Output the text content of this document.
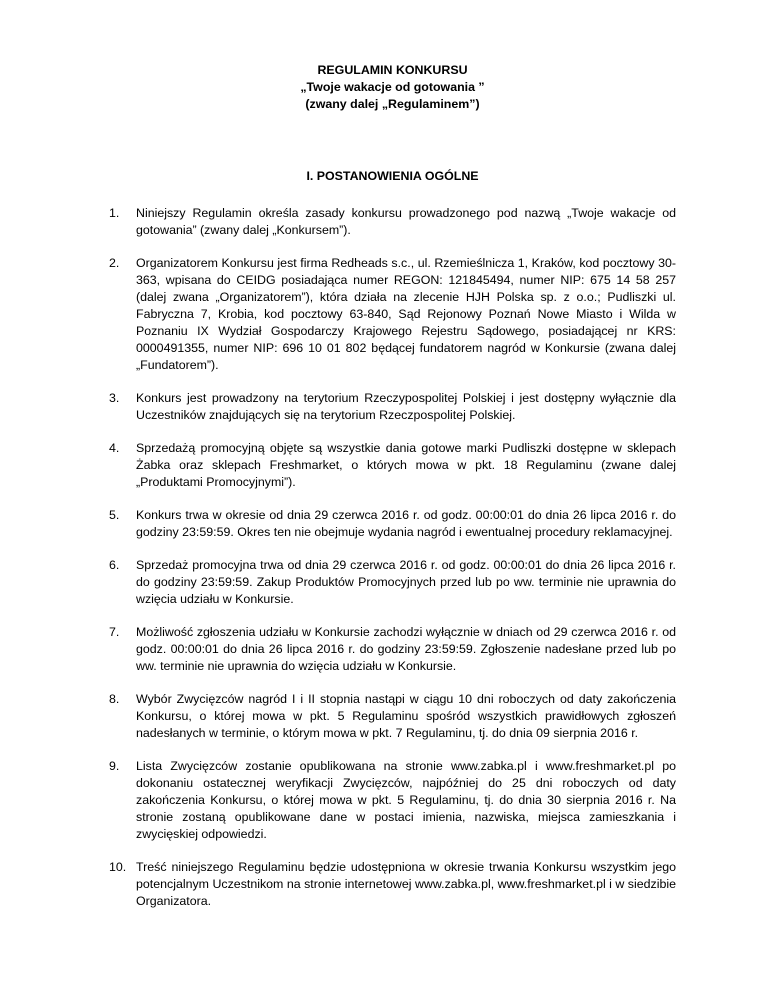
REGULAMIN KONKURSU
„Twoje wakacje od gotowania ”
(zwany dalej „Regulaminem”)
I. POSTANOWIENIA OGÓLNE
1.	Niniejszy Regulamin określa zasady konkursu prowadzonego pod nazwą „Twoje wakacje od gotowania” (zwany dalej „Konkursem”).
2.	Organizatorem Konkursu jest firma Redheads s.c., ul. Rzemieślnicza 1, Kraków, kod pocztowy 30-363, wpisana do CEIDG posiadająca numer REGON: 121845494, numer NIP: 675 14 58 257 (dalej zwana „Organizatorem”), która działa na zlecenie HJH Polska sp. z o.o.; Pudliszki ul. Fabryczna 7, Krobia, kod pocztowy 63-840, Sąd Rejonowy Poznań Nowe Miasto i Wilda w Poznaniu IX Wydział Gospodarczy Krajowego Rejestru Sądowego, posiadającej nr KRS: 0000491355, numer NIP: 696 10 01 802 będącej fundatorem nagród w Konkursie (zwana dalej „Fundatorem”).
3.	Konkurs jest prowadzony na terytorium Rzeczypospolitej Polskiej i jest dostępny wyłącznie dla Uczestników znajdujących się na terytorium Rzeczpospolitej Polskiej.
4.	Sprzedażą promocyjną objęte są wszystkie dania gotowe marki Pudliszki dostępne w sklepach Żabka oraz sklepach Freshmarket, o których mowa w pkt. 18 Regulaminu (zwane dalej „Produktami Promocyjnymi”).
5.	Konkurs trwa w okresie od dnia 29 czerwca 2016 r. od godz. 00:00:01 do dnia 26 lipca 2016 r. do godziny 23:59:59. Okres ten nie obejmuje wydania nagród i ewentualnej procedury reklamacyjnej.
6.	Sprzedaż promocyjna trwa od dnia 29 czerwca 2016 r. od godz. 00:00:01 do dnia 26 lipca 2016 r. do godziny 23:59:59. Zakup Produktów Promocyjnych przed lub po ww. terminie nie uprawnia do wzięcia udziału w Konkursie.
7.	Możliwość zgłoszenia udziału w Konkursie zachodzi wyłącznie w dniach od 29 czerwca 2016 r. od godz. 00:00:01 do dnia 26 lipca 2016 r. do godziny 23:59:59. Zgłoszenie nadesłane przed lub po ww. terminie nie uprawnia do wzięcia udziału w Konkursie.
8.	Wybór Zwycięzców nagród I i II stopnia nastąpi w ciągu 10 dni roboczych od daty zakończenia Konkursu, o której mowa w pkt. 5 Regulaminu spośród wszystkich prawidłowych zgłoszeń nadesłanych w terminie, o którym mowa w pkt. 7 Regulaminu, tj. do dnia 09 sierpnia 2016 r.
9.	Lista Zwycięzców zostanie opublikowana na stronie www.zabka.pl i www.freshmarket.pl po dokonaniu ostatecznej weryfikacji Zwycięzców, najpóźniej do 25 dni roboczych od daty zakończenia Konkursu, o której mowa w pkt. 5 Regulaminu, tj. do dnia 30 sierpnia 2016 r. Na stronie zostaną opublikowane dane w postaci imienia, nazwiska, miejsca zamieszkania i zwycięskiej odpowiedzi.
10. Treść niniejszego Regulaminu będzie udostępniona w okresie trwania Konkursu wszystkim jego potencjalnym Uczestnikom na stronie internetowej www.zabka.pl, www.freshmarket.pl i w siedzibie Organizatora.
